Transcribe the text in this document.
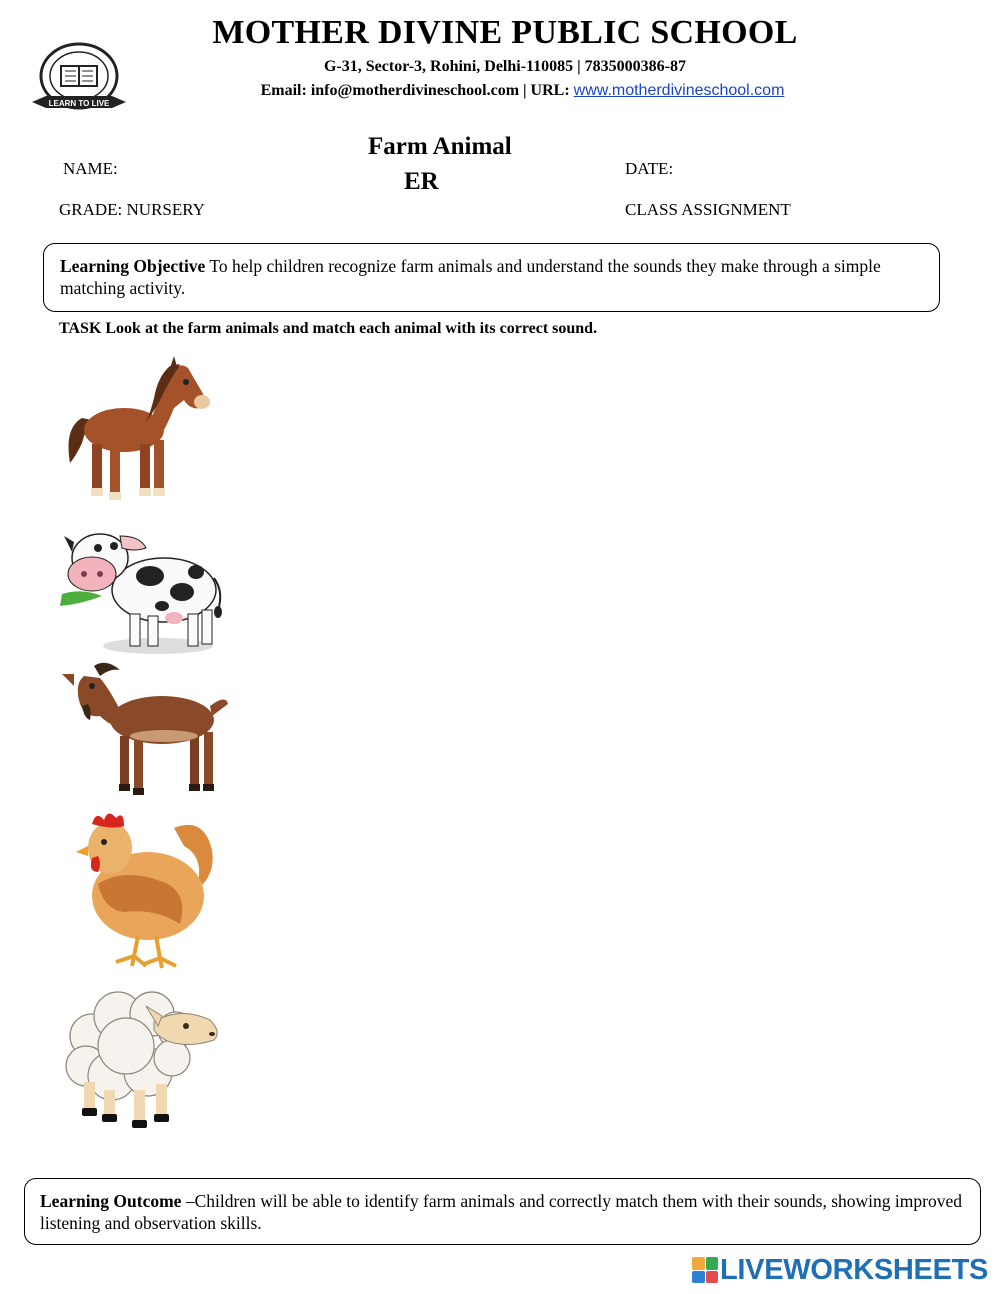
LEARN TO LIVE
MOTHER DIVINE PUBLIC SCHOOL
G-31, Sector-3, Rohini, Delhi-110085 | 7835000386-87
Email: info@motherdivineschool.com | URL: www.motherdivineschool.com
Farm Animal
ER
NAME:	DATE:
GRADE: NURSERY	CLASS ASSIGNMENT
Learning Objective To help children recognize farm animals and understand the sounds they make through a simple matching activity.
TASK Look at the farm animals and match each animal with its correct sound.
Learning Outcome –Children will be able to identify farm animals and correctly match them with their sounds, showing improved listening and observation skills.
LIVEWORKSHEETS
